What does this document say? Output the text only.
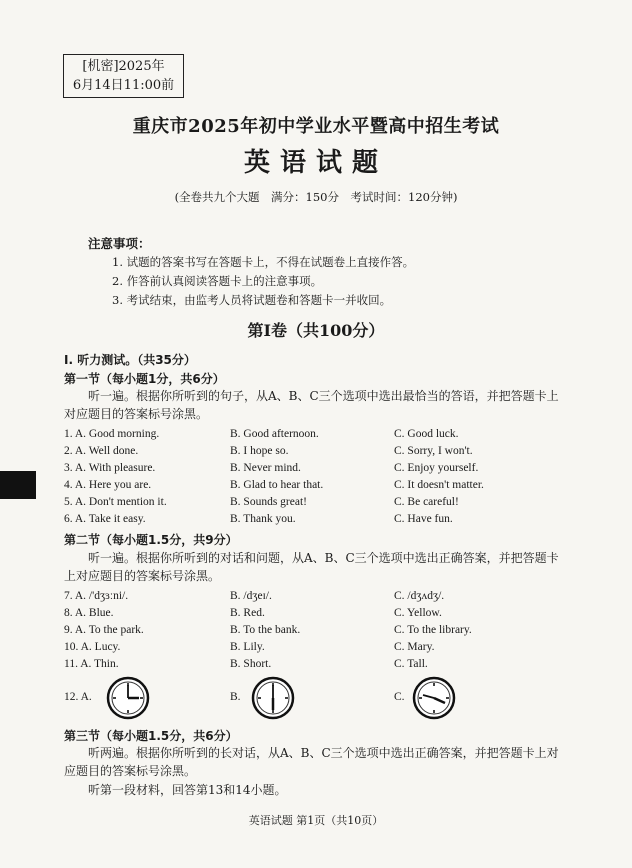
[机密]2025年
6月14日11:00前
重庆市2025年初中学业水平暨高中招生考试
英语试题
(全卷共九个大题　满分：150分　考试时间：120分钟)
注意事项：
1. 试题的答案书写在答题卡上，不得在试题卷上直接作答。
2. 作答前认真阅读答题卡上的注意事项。
3. 考试结束，由监考人员将试题卷和答题卡一并收回。
第Ⅰ卷（共100分）
I. 听力测试。（共35分）
第一节（每小题1分，共6分）
听一遍。根据你所听到的句子，从A、B、C三个选项中选出最恰当的答语，并把答题卡上对应题目的答案标号涂黑。
1. A. Good morning.	B. Good afternoon.	C. Good luck.
2. A. Well done.	B. I hope so.	C. Sorry, I won't.
3. A. With pleasure.	B. Never mind.	C. Enjoy yourself.
4. A. Here you are.	B. Glad to hear that.	C. It doesn't matter.
5. A. Don't mention it.	B. Sounds great!	C. Be careful!
6. A. Take it easy.	B. Thank you.	C. Have fun.
第二节（每小题1.5分，共9分）
听一遍。根据你所听到的对话和问题，从A、B、C三个选项中选出正确答案，并把答题卡上对应题目的答案标号涂黑。
7. A. /'dʒɜːni/.	B. /dʒeɪ/.	C. /dʒʌdʒ/.
8. A. Blue.	B. Red.	C. Yellow.
9. A. To the park.	B. To the bank.	C. To the library.
10. A. Lucy.	B. Lily.	C. Mary.
11. A. Thin.	B. Short.	C. Tall.
12. A.	B.	C.
第三节（每小题1.5分，共6分）
听两遍。根据你所听到的长对话，从A、B、C三个选项中选出正确答案，并把答题卡上对应题目的答案标号涂黑。
听第一段材料，回答第13和14小题。
英语试题 第1页（共10页）
